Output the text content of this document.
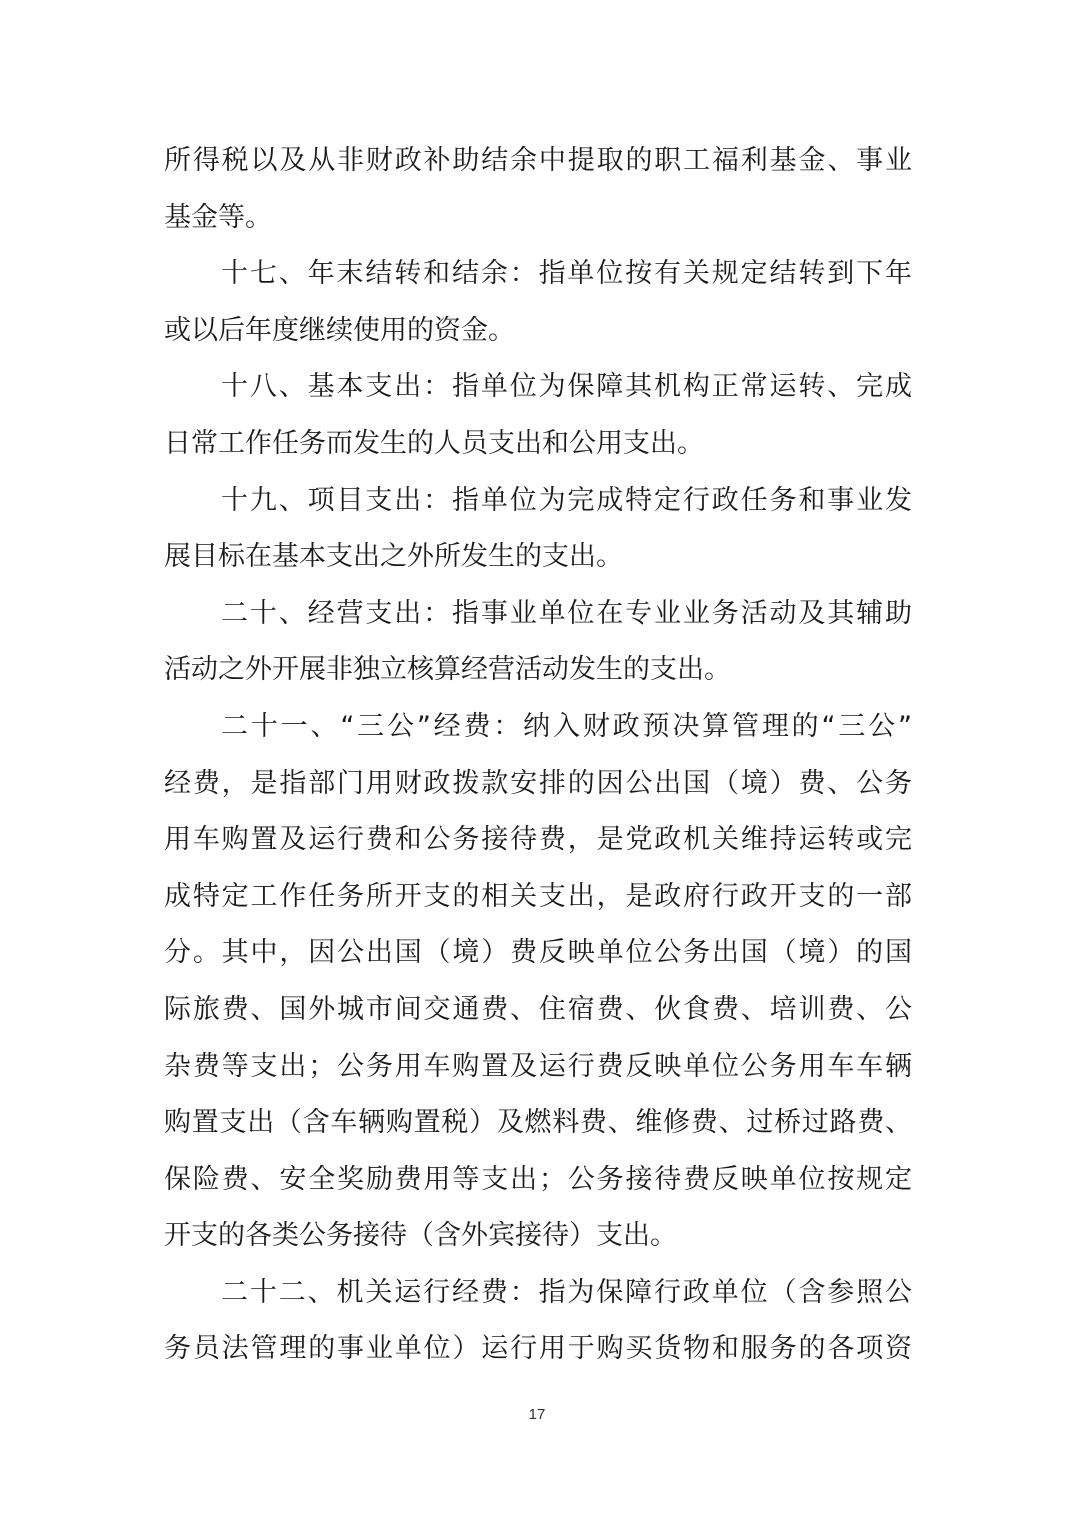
所得税以及从非财政补助结余中提取的职工福利基金、事业
基金等。
十七、年末结转和结余：指单位按有关规定结转到下年
或以后年度继续使用的资金。
十八、基本支出：指单位为保障其机构正常运转、完成
日常工作任务而发生的人员支出和公用支出。
十九、项目支出：指单位为完成特定行政任务和事业发
展目标在基本支出之外所发生的支出。
二十、经营支出：指事业单位在专业业务活动及其辅助
活动之外开展非独立核算经营活动发生的支出。
二十一、“三公”经费：纳入财政预决算管理的“三公”
经费，是指部门用财政拨款安排的因公出国（境）费、公务
用车购置及运行费和公务接待费，是党政机关维持运转或完
成特定工作任务所开支的相关支出，是政府行政开支的一部
分。其中，因公出国（境）费反映单位公务出国（境）的国
际旅费、国外城市间交通费、住宿费、伙食费、培训费、公
杂费等支出；公务用车购置及运行费反映单位公务用车车辆
购置支出（含车辆购置税）及燃料费、维修费、过桥过路费、
保险费、安全奖励费用等支出；公务接待费反映单位按规定
开支的各类公务接待（含外宾接待）支出。
二十二、机关运行经费：指为保障行政单位（含参照公
务员法管理的事业单位）运行用于购买货物和服务的各项资
17
